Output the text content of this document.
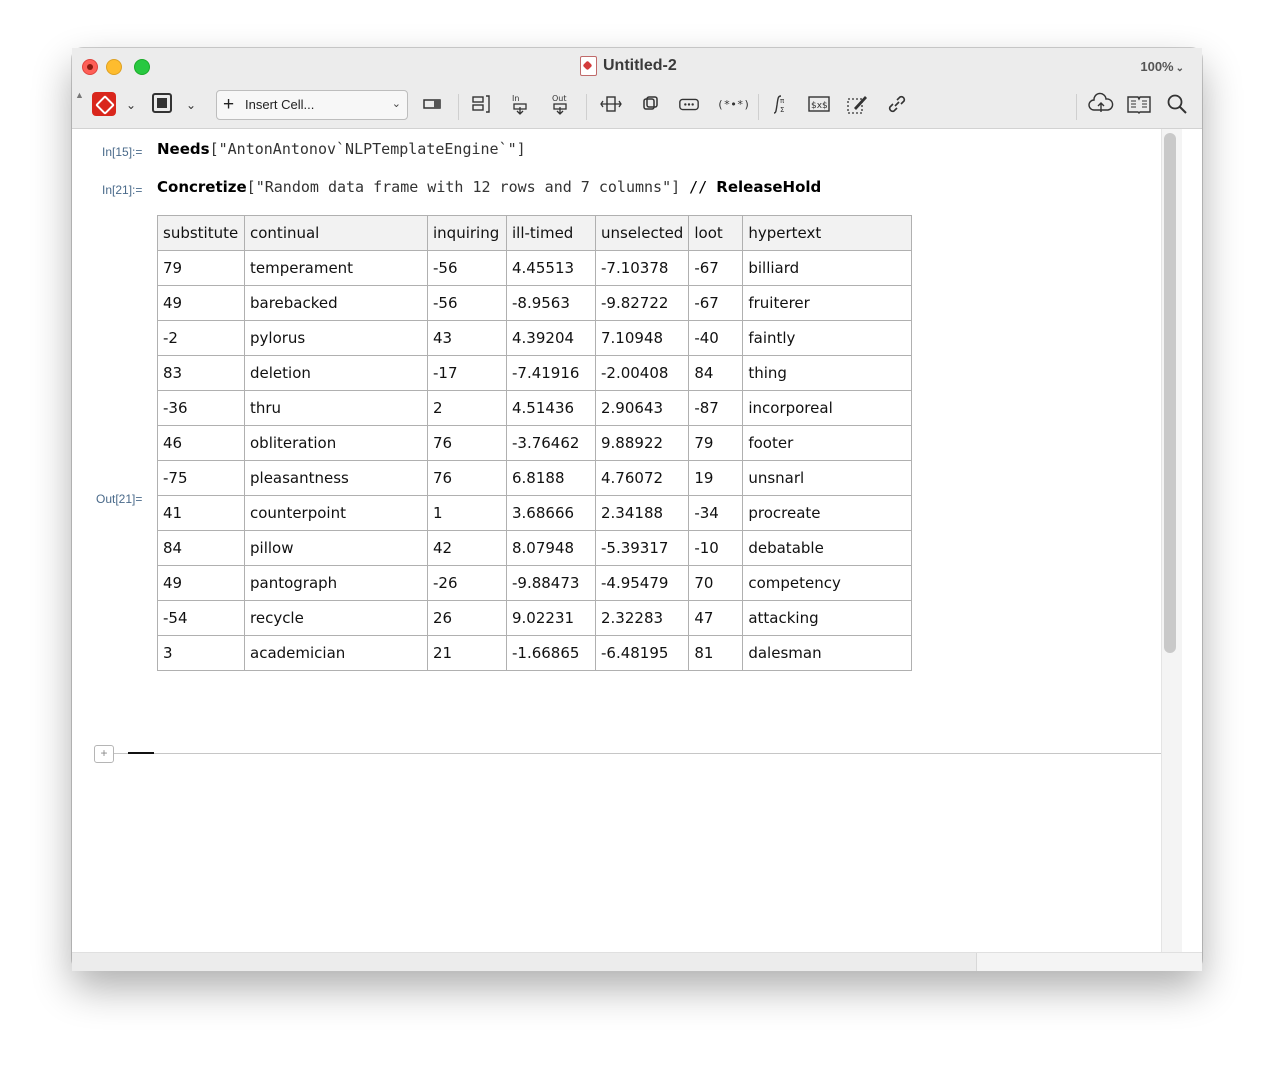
Untitled-2	100% ⌄
▲
⌄	⌄ + Insert Cell...	⌄	In	Out	(*•*)	π
Σ	$x$
In[15]:= Needs["AntonAntonov`NLPTemplateEngine`"]
In[21]:= Concretize["Random data frame with 12 rows and 7 columns"] // ReleaseHold
Out[21]=
substitute	continual	inquiring	ill-timed	unselected	loot	hypertext
79	temperament	-56	4.45513	-7.10378	-67	billiard
49	barebacked	-56	-8.9563	-9.82722	-67	fruiterer
-2	pylorus	43	4.39204	7.10948	-40	faintly
83	deletion	-17	-7.41916	-2.00408	84	thing
-36	thru	2	4.51436	2.90643	-87	incorporeal
46	obliteration	76	-3.76462	9.88922	79	footer
-75	pleasantness	76	6.8188	4.76072	19	unsnarl
41	counterpoint	1	3.68666	2.34188	-34	procreate
84	pillow	42	8.07948	-5.39317	-10	debatable
49	pantograph	-26	-9.88473	-4.95479	70	competency
-54	recycle	26	9.02231	2.32283	47	attacking
3	academician	21	-1.66865	-6.48195	81	dalesman
+
